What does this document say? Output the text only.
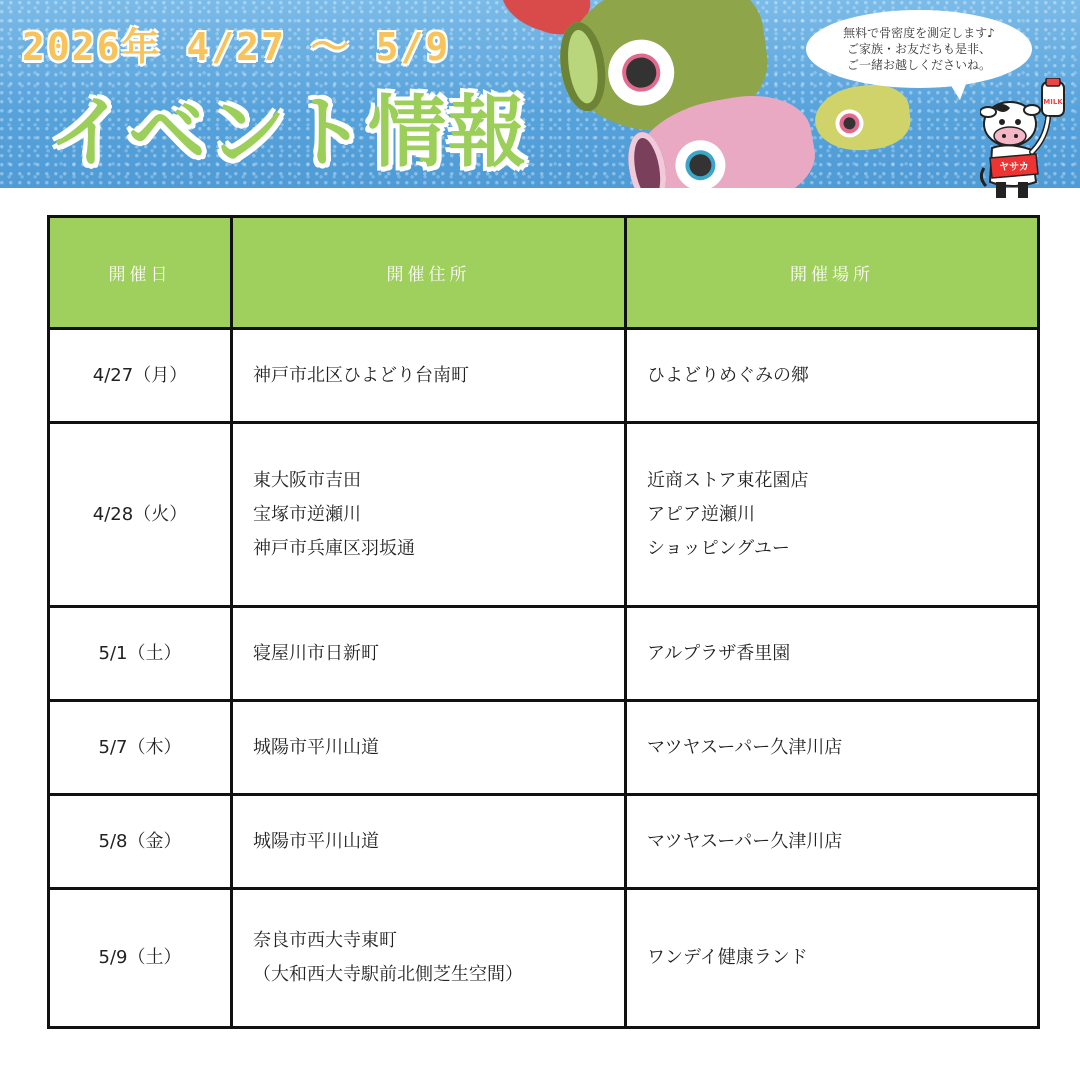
2026年 4/27 ～ 5/9
イベント情報
無料で骨密度を測定します♪
ご家族・お友だちも是非、
ご一緒お越しくださいね。
MILK
ヤサカ
開催日	開催住所	開催場所
4/27（月）	神戸市北区ひよどり台南町	ひよどりめぐみの郷

4/28（火）	東大阪市吉田
宝塚市逆瀬川
神戸市兵庫区羽坂通	近商ストア東花園店
アピア逆瀬川
ショッピングユー

5/1（土）	寝屋川市日新町	アルプラザ香里園

5/7（木）	城陽市平川山道	マツヤスーパー久津川店

5/8（金）	城陽市平川山道	マツヤスーパー久津川店

5/9（土）	奈良市西大寺東町
（大和西大寺駅前北側芝生空間）	ワンデイ健康ランド
